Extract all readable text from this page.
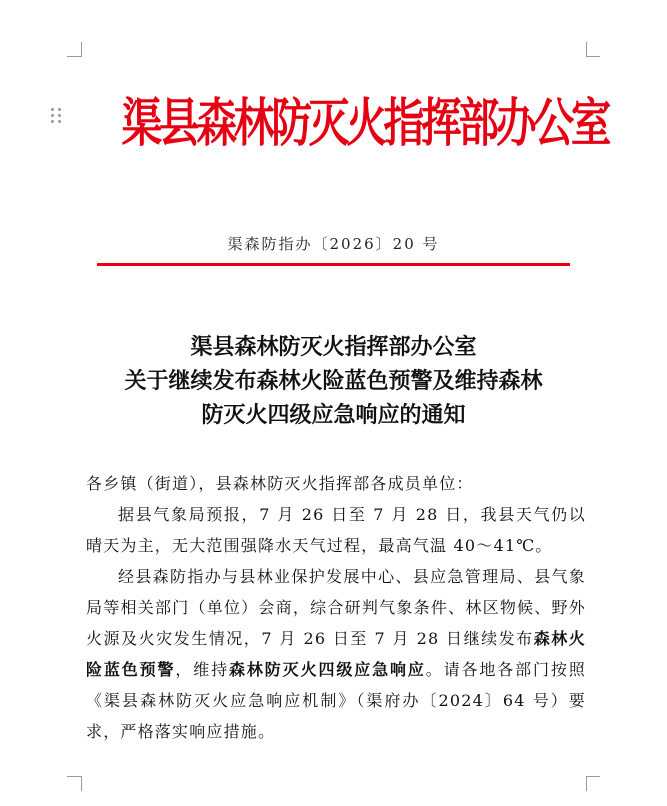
渠县森林防灭火指挥部办公室
渠森防指办〔2026〕20 号
渠县森林防灭火指挥部办公室
关于继续发布森林火险蓝色预警及维持森林
防灭火四级应急响应的通知

各乡镇（街道），县森林防灭火指挥部各成员单位：

据县气象局预报，7 月 26 日至 7 月 28 日，我县天气仍以晴天为主，无大范围强降水天气过程，最高气温 40～41℃。

经县森防指办与县林业保护发展中心、县应急管理局、县气象局等相关部门（单位）会商，综合研判气象条件、林区物候、野外火源及火灾发生情况，7 月 26 日至 7 月 28 日继续发布森林火险蓝色预警，维持森林防灭火四级应急响应。请各地各部门按照《渠县森林防灭火应急响应机制》（渠府办〔2024〕64 号）要求，严格落实响应措施。
